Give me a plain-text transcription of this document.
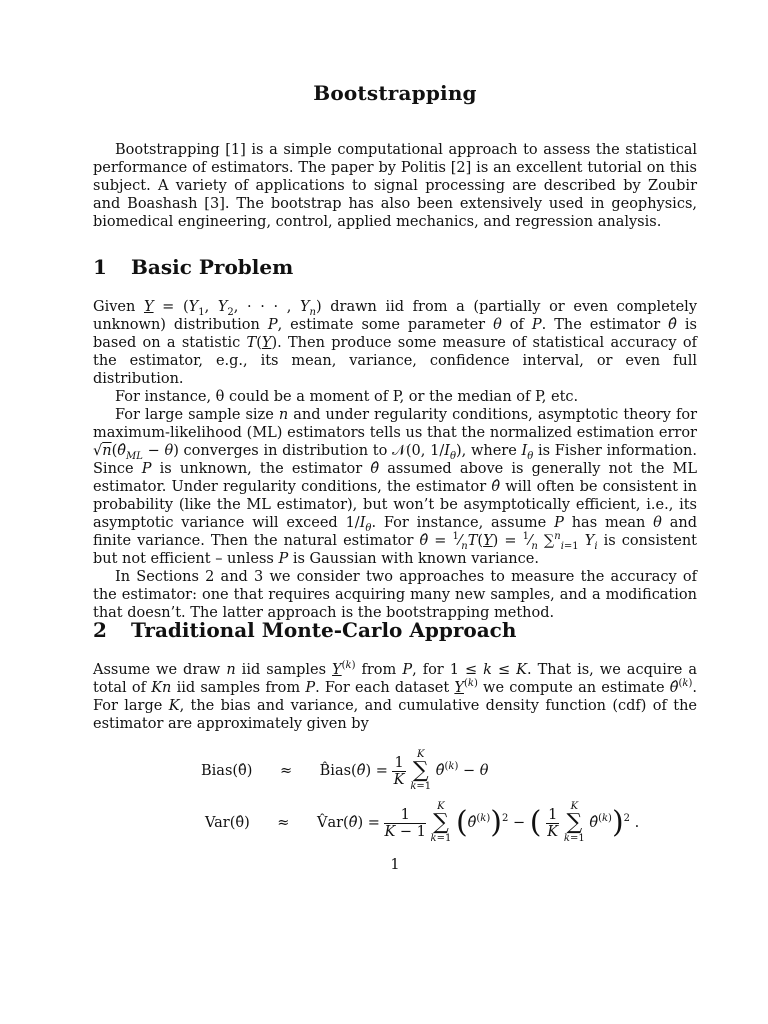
Bootstrapping

Bootstrapping [1] is a simple computational approach to assess the statistical performance of estimators. The paper by Politis [2] is an excellent tutorial on this subject. A variety of applications to signal processing are described by Zoubir and Boashash [3]. The bootstrap has also been extensively used in geophysics, biomedical engineering, control, applied mechanics, and regression analysis.

1 Basic Problem

Given $Y = (Y_1$, $Y_2$, · · · , $Y_n$) drawn iid from a (partially or even completely unknown) distribution P, estimate some parameter θ of P. The estimator θ̂ is based on a statistic T(Y). Then produce some measure of statistical accuracy of the estimator, e.g., its mean, variance, confidence interval, or even full distribution.

For instance, θ could be a moment of P, or the median of P, etc.

For large sample size n and under regularity conditions, asymptotic theory for maximum-likelihood (ML) estimators tells us that the normalized estimation error $√n(\thetâ_{ML} - \theta)$ converges in distribution to 𝒩(0, $1/I_\theta$), where $I_\theta$ is Fisher information. Since P is unknown, the estimator θ̂ assumed above is generally not the ML estimator. Under regularity conditions, the estimator θ̂ will often be consistent in probability (like the ML estimator), but won’t be asymptotically efficient, i.e., its asymptotic variance will exceed $1/I_\theta$. For instance, assume P has mean θ and finite variance. Then the natural estimator θ̂ = $^1⁄_nT(Y)$ = $^1⁄_n$ ∑$^n_{i=1}$ $Y_i$ is consistent but not efficient – unless P is Gaussian with known variance.

In Sections 2 and 3 we consider two approaches to measure the accuracy of the estimator: one that requires acquiring many new samples, and a modification that doesn’t. The latter approach is the bootstrapping method.

2 Traditional Monte-Carlo Approach

Assume we draw n iid samples $Y^{(k)}$ from P, for 1 ≤ k ≤ K. That is, we acquire a total of Kn iid samples from P. For each dataset $Y^{(k)}$ we compute an estimate θ̂$^{(k)}$. For large K, the bias and variance, and cumulative density function (cdf) of the estimator are approximately given by

Bias(θ̂) ≈ B̂ias(θ̂) = $\frac{1}{K}$ K
∑
k=1 θ̂$^{(k)}$ − θ
Var(θ̂) ≈ V̂ar(θ̂) = $\frac{1}{K - 1}$ K
∑
k=1 (θ̂$^{(k)}$)$^2$ − ( $\frac{1}{K}$ K
∑
k=1 θ̂$^{(k)}$)$^2$ .
1
